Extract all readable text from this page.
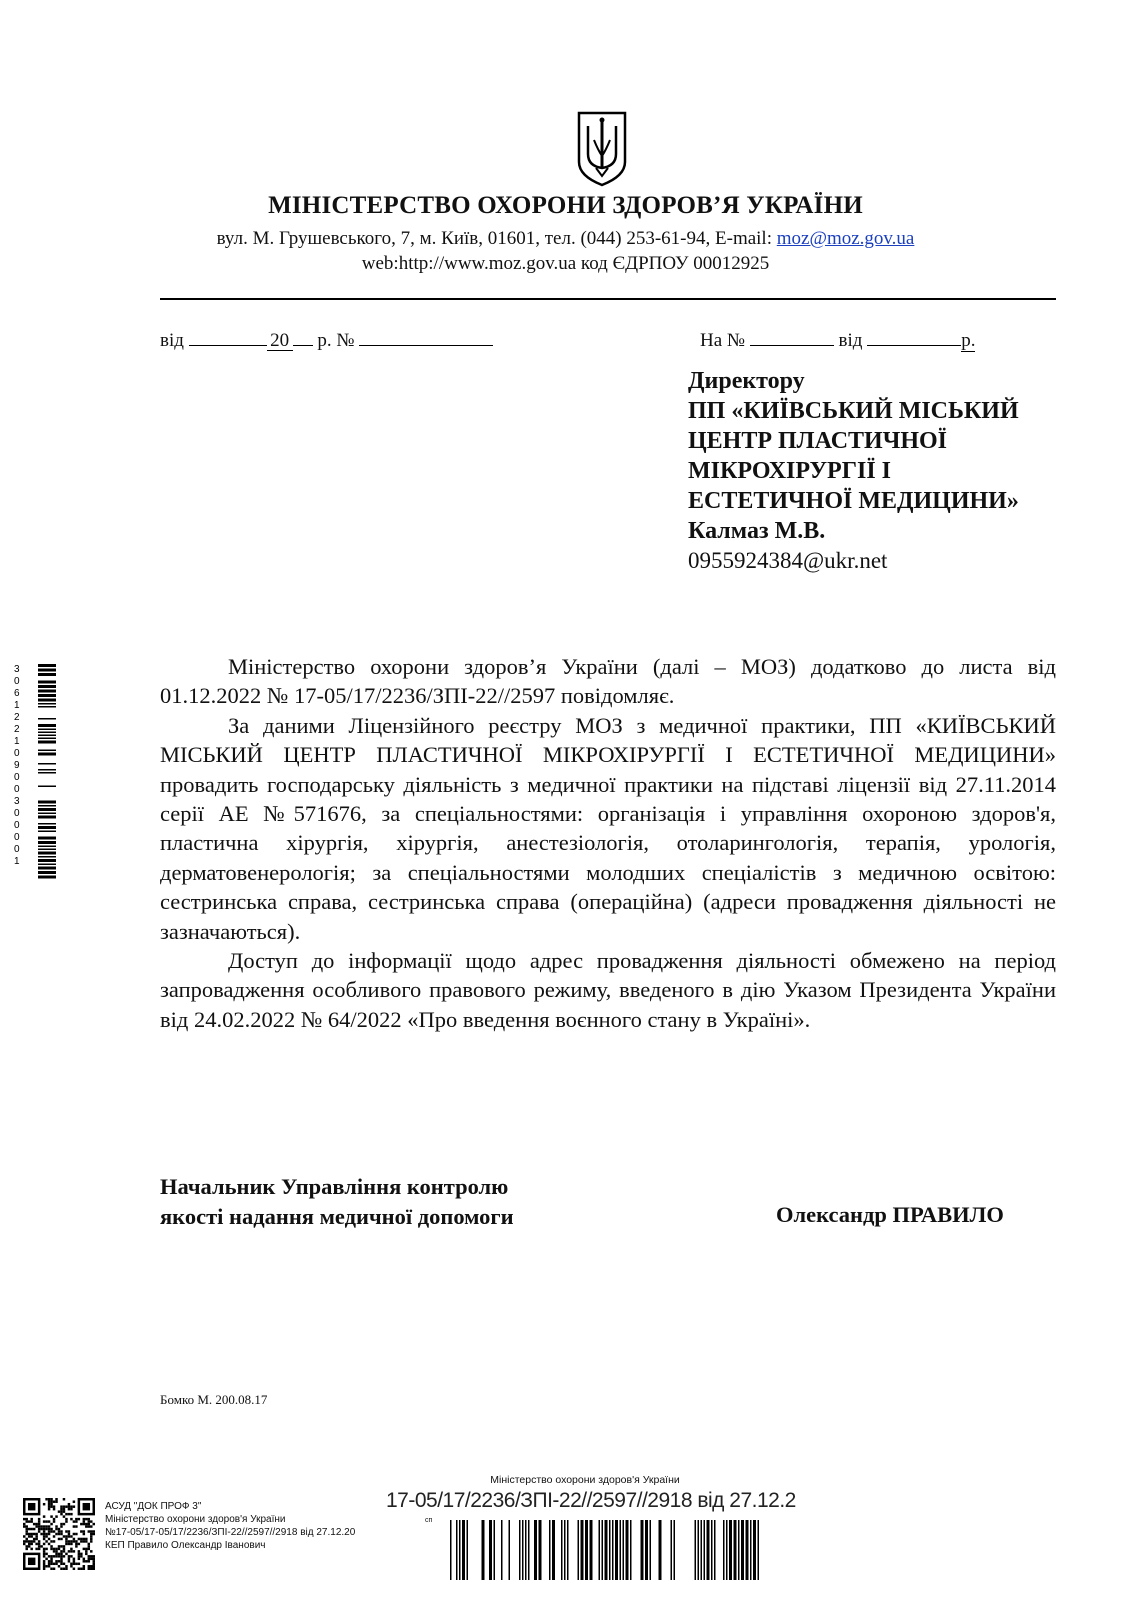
МІНІСТЕРСТВО ОХОРОНИ ЗДОРОВ’Я УКРАЇНИ
вул. М. Грушевського, 7, м. Київ, 01601, тел. (044) 253-61-94, E-mail: moz@moz.gov.ua
web:http://www.moz.gov.ua код ЄДРПОУ 00012925
від	20 р. №	На №	від	р.
Директору
ПП «КИЇВСЬКИЙ МІСЬКИЙ
ЦЕНТР ПЛАСТИЧНОЇ
МІКРОХІРУРГІЇ І
ЕСТЕТИЧНОЇ МЕДИЦИНИ»
Калмаз М.В.
0955924384@ukr.net

Міністерство охорони здоров’я України (далі – МОЗ) додатково до листа від 01.12.2022 № 17-05/17/2236/ЗПІ-22//2597 повідомляє.

За даними Ліцензійного реєстру МОЗ з медичної практики, ПП «КИЇВСЬКИЙ МІСЬКИЙ ЦЕНТР ПЛАСТИЧНОЇ МІКРОХІРУРГІЇ І ЕСТЕТИЧНОЇ МЕДИЦИНИ» провадить господарську діяльність з медичної практики на підставі ліцензії від 27.11.2014 серії АЕ №571676, за спеціальностями: організація і управління охороною здоров'я, пластична хірургія, хірургія, анестезіологія, отоларингологія, терапія, урологія, дерматовенерологія; за спеціальностями молодших спеціалістів з медичною освітою: сестринська справа, сестринська справа (операційна) (адреси провадження діяльності не зазначаються).

Доступ до інформації щодо адрес провадження діяльності обмежено на період запровадження особливого правового режиму, введеного в дію Указом Президента України від 24.02.2022 № 64/2022 «Про введення воєнного стану в Україні».

Начальник Управління контролю
якості надання медичної допомоги	Олександр ПРАВИЛО
Бомко М. 200.08.17
30612210900300001
АСУД "ДОК ПРОФ 3"
Міністерство охорони здоров'я України
№17-05/17-05/17/2236/ЗПІ-22//2597//2918 від 27.12.20
КЕП Правило Олександр Іванович
Міністерство охорони здоров'я України
17-05/17/2236/ЗПІ-22//2597//2918 від 27.12.2
сп
